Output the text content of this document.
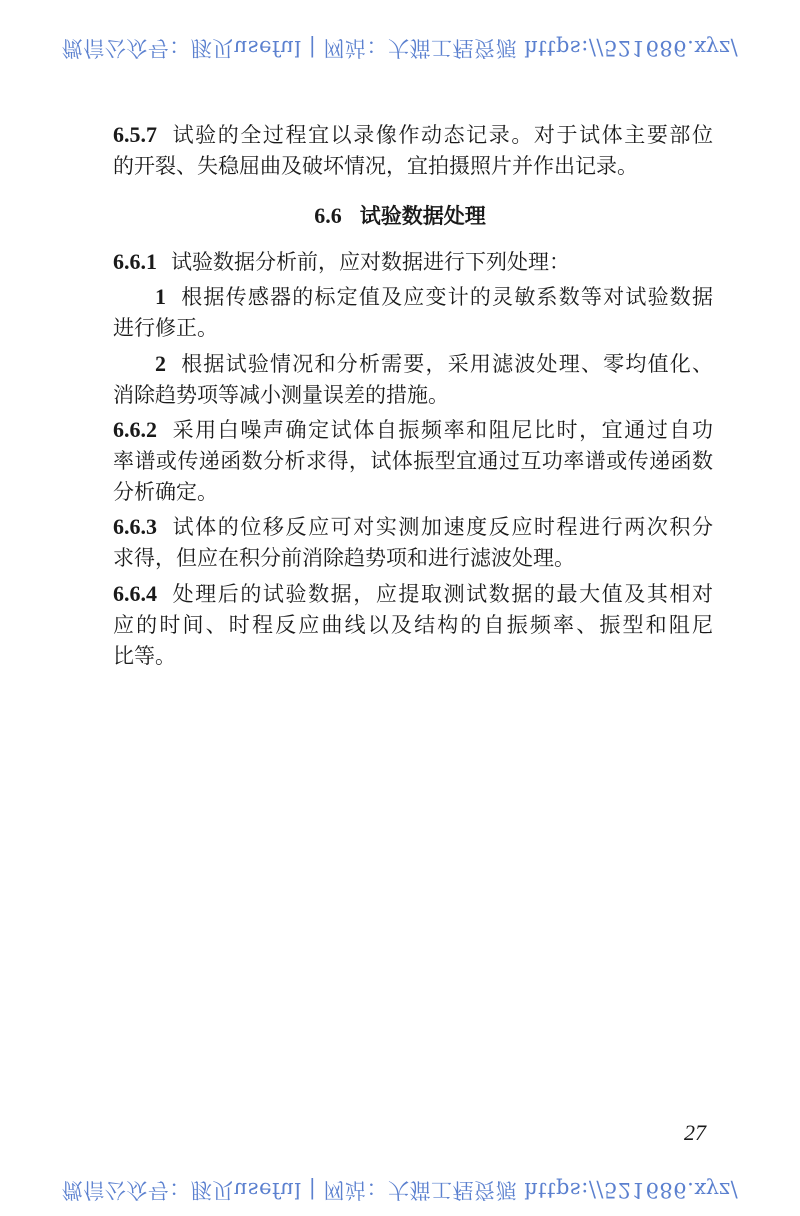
微信公众号：豚贝useful | 网站：大猫工程资源 https://521686.xyz/
6.5.7 试验的全过程宜以录像作动态记录。对于试体主要部位
的开裂、失稳屈曲及破坏情况，宜拍摄照片并作出记录。
6.6 试验数据处理
6.6.1 试验数据分析前，应对数据进行下列处理：
1 根据传感器的标定值及应变计的灵敏系数等对试验数据
进行修正。
2 根据试验情况和分析需要，采用滤波处理、零均值化、
消除趋势项等减小测量误差的措施。
6.6.2 采用白噪声确定试体自振频率和阻尼比时，宜通过自功
率谱或传递函数分析求得，试体振型宜通过互功率谱或传递函数
分析确定。
6.6.3 试体的位移反应可对实测加速度反应时程进行两次积分
求得，但应在积分前消除趋势项和进行滤波处理。
6.6.4 处理后的试验数据，应提取测试数据的最大值及其相对
应的时间、时程反应曲线以及结构的自振频率、振型和阻尼
比等。
27
微信公众号：豚贝useful | 网站：大猫工程资源 https://521686.xyz/
